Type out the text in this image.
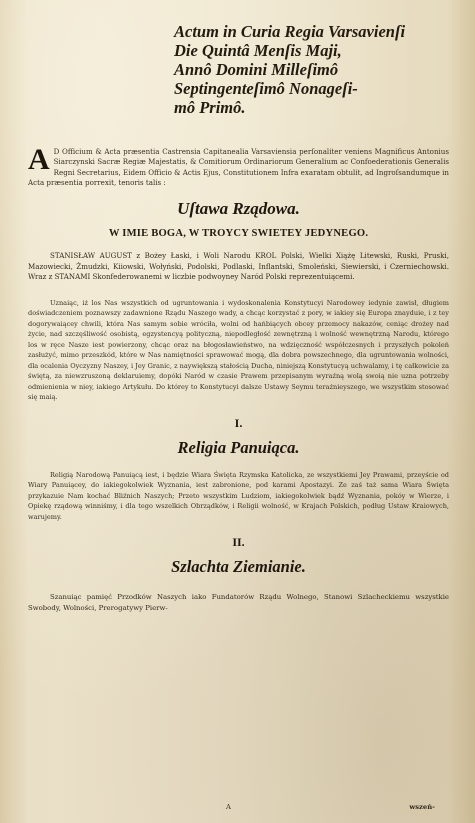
Actum in Curia Regia Varsavienſi
Die Quintâ Menſis Maji,
Annô Domini Milleſimô
Septingenteſimô Nonageſi-
mô Primô.
A D Officium & Acta præsentia Castrensia Capitanealia Varsaviensia perſonaliter veniens Magnificus Antonius Siarczynski Sacræ Regiæ Majestatis, & Comitiorum Ordinariorum Generalium ac Confoederationis Generalis Regni Secretarius, Eidem Officio & Actis Ejus, Constitutionem Infra exaratam obtulit, ad Ingroſsandumque in Acta præsentia porrexit, tenoris talis :

Uſtawa Rządowa.
W IMIE BOGA, W TROYCY SWIETEY JEDYNEGO.

STANISŁAW AUGUST z Bożey Łaski, i Woli Narodu KROL Polski, Wielki Xiążę Litewski, Ruski, Pruski, Mazowiecki, Żmudzki, Kiiowski, Wołyński, Podolski, Podlaski, Inflantski, Smoleński, Siewierski, i Czerniechowski. Wraz z STANAMI Skonfederowanemi w liczbie podwoyney Naród Polski reprezentuiącemi.

Uznaiąc, iż los Nas wszystkich od ugruntowania i wydoskonalenia Konstytucyi Narodowey iedynie zawisł, długiem doświadczeniem poznawszy zadawnione Rządu Naszego wady, a chcąc korzystać z pory, w iakiey się Europa znayduie, i z tey dogorywaiącey chwili, która Nas samym sobie wróciła, wolni od hańbiących obcey przemocy nakazów, ceniąc drożey nad życie, nad szczęśliwość osobistą, egzystencyą polityczną, niepodległość zewnętrzną i wolność wewnętrzną Narodu, którego los w ręce Nasze iest powierzony, chcąc oraz na błogosławieństwo, na wdzięczność współczesnych i przyszłych pokoleń zasłużyć, mimo przeszkód, które w Nas namiętności sprawować mogą, dla dobra powszechnego, dla ugruntowania wolności, dla ocalenia Oyczyzny Naszey, i Jey Granic, z naywiększą stałością Ducha, niniejszą Konstytucyą uchwalamy, i tę całkowicie za świętą, za niewzruszoną deklaruiemy, dopóki Naród w czasie Prawem przepisanym wyraźną wolą swoią nie uzna potrzeby odmienienia w niey, iakiego Artykułu. Do którey to Konstytucyi dalsze Ustawy Seymu teraźnieyszego, we wszystkim stosować się maią.

I.
Religia Panuiąca.

Religią Narodową Panuiącą iest, i będzie Wiara Święta Rzymska Katolicka, ze wszystkiemi Jey Prawami, przeyście od Wiary Panuiącey, do iakiegokolwiek Wyznania, iest zabronione, pod karami Apostazyi. Ze zaś taż sama Wiara Święta przykazuie Nam kochać Bliźnich Naszych; Przeto wszystkim Ludziom, iakiegokolwiek bądź Wyznania, pokóy w Wierze, i Opiekę rządową winniśmy, i dla tego wszelkich Obrządków, i Religii wolność, w Krajach Polskich, podług Ustaw Kraiowych, warujemy.

II.
Szlachta Ziemianie.

Szanuiąc pamięć Przodków Naszych iako Fundatorów Rządu Wolnego, Stanowi Szlacheckiemu wszystkie Swobody, Wolności, Prerogatywy Pierw-

A	wszeń-
